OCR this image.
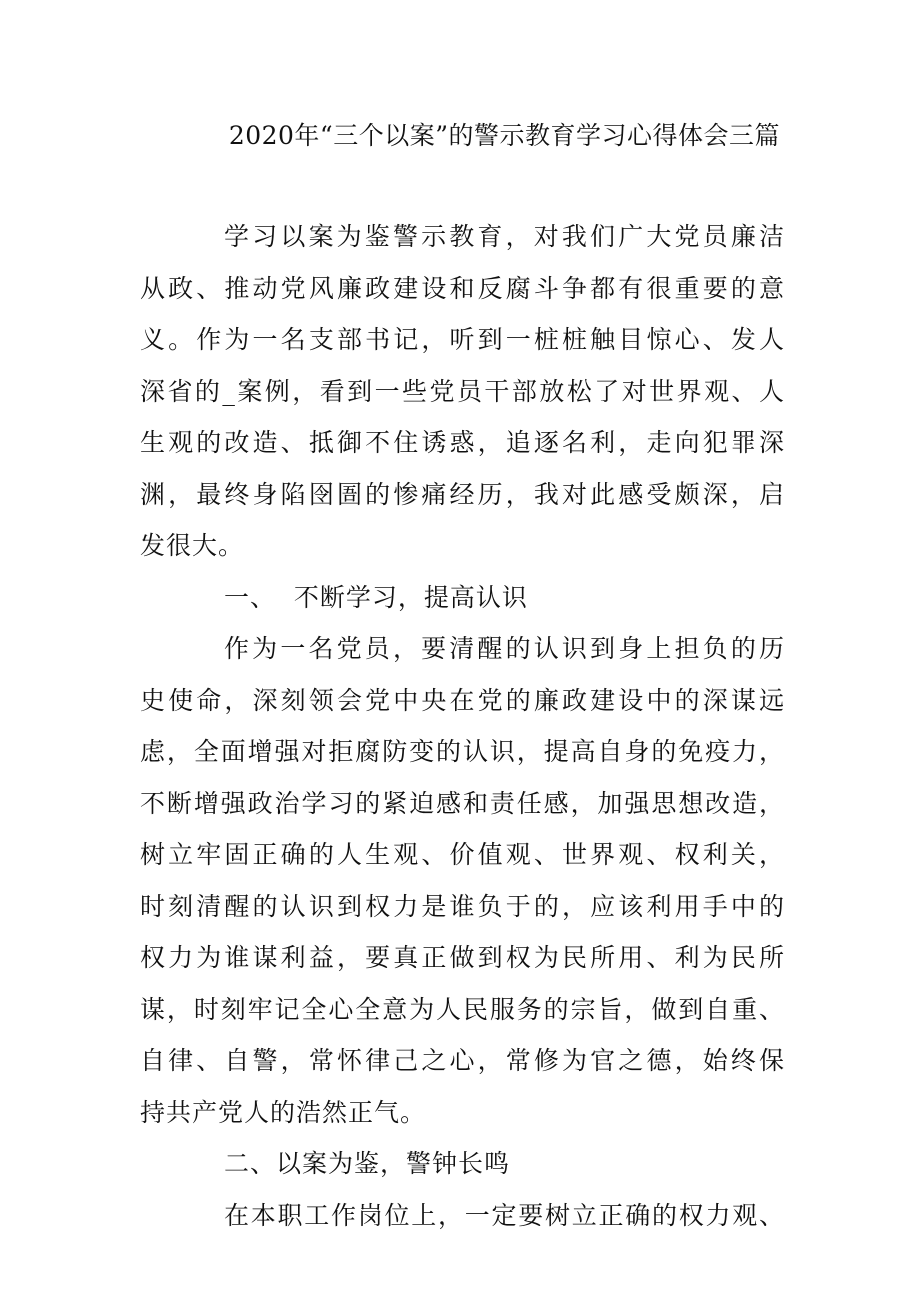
2020年“三个以案”的警示教育学习心得体会三篇
学习以案为鉴警示教育，对我们广大党员廉洁
从政、推动党风廉政建设和反腐斗争都有很重要的意
义。作为一名支部书记，听到一桩桩触目惊心、发人
深省的_案例，看到一些党员干部放松了对世界观、人
生观的改造、抵御不住诱惑，追逐名利，走向犯罪深
渊，最终身陷囹圄的惨痛经历，我对此感受颇深，启
发很大。
一、  不断学习，提高认识
作为一名党员，要清醒的认识到身上担负的历
史使命，深刻领会党中央在党的廉政建设中的深谋远
虑，全面增强对拒腐防变的认识，提高自身的免疫力，
不断增强政治学习的紧迫感和责任感，加强思想改造，
树立牢固正确的人生观、价值观、世界观、权利关，
时刻清醒的认识到权力是谁负于的，应该利用手中的
权力为谁谋利益，要真正做到权为民所用、利为民所
谋，时刻牢记全心全意为人民服务的宗旨，做到自重、
自律、自警，常怀律己之心，常修为官之德，始终保
持共产党人的浩然正气。
二、以案为鉴，警钟长鸣
在本职工作岗位上，一定要树立正确的权力观、
